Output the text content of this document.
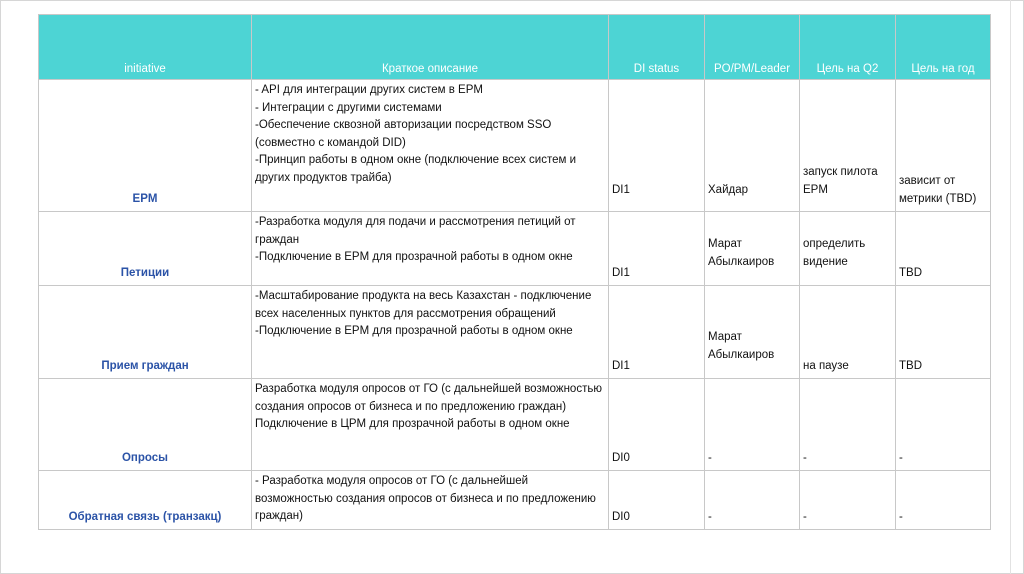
initiative	Краткое описание	DI status	PO/PM/Leader	Цель на Q2	Цель на год
EPM	- API для интеграции других систем в EPM
- Интеграции с другими системами
-Обеспечение сквозной авторизации посредством SSO (совместно с командой DID)
-Принцип работы в одном окне (подключение всех систем и других продуктов трайба)	DI1	Хайдар	запуск пилота EPM	зависит от метрики (TBD)
Петиции	-Разработка модуля для подачи и рассмотрения петиций от граждан
-Подключение в EPM для прозрачной работы в одном окне	DI1	Марат Абылкаиров	определить видение	TBD
Прием граждан	-Масштабирование продукта на весь Казахстан - подключение всех населенных пунктов для рассмотрения обращений
-Подключение в EPM для прозрачной работы в одном окне	DI1	Марат Абылкаиров	на паузе	TBD
Опросы	Разработка модуля опросов от ГО (с дальнейшей возможностью создания опросов от бизнеса и по предложению граждан)
Подключение в ЦРМ для прозрачной работы в одном окне	DI0	-	-	-
Обратная связь (транзакц)	- Разработка модуля опросов от ГО (с дальнейшей возможностью создания опросов от бизнеса и по предложению граждан)	DI0	-	-	-
